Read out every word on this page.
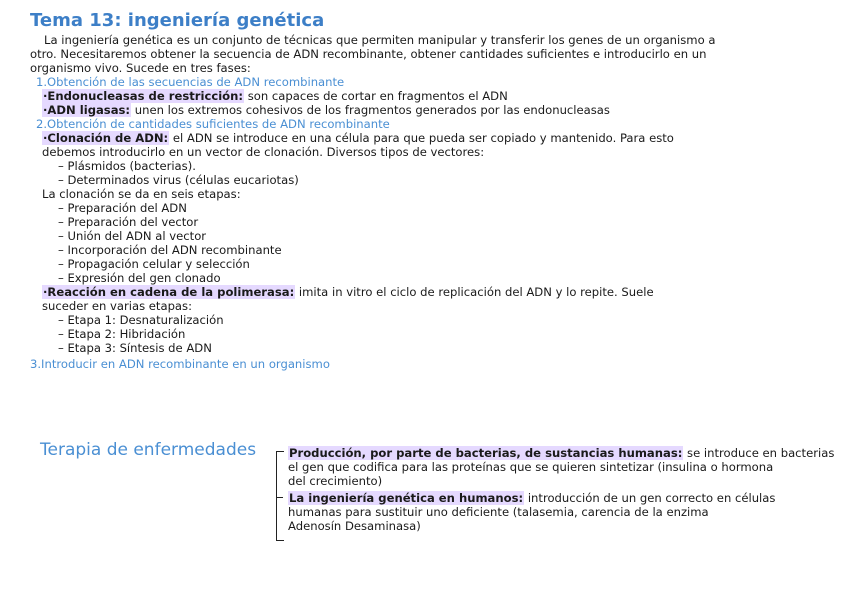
Tema 13: ingeniería genética
La ingeniería genética es un conjunto de técnicas que permiten manipular y transferir los genes de un organismo a
otro. Necesitaremos obtener la secuencia de ADN recombinante, obtener cantidades suficientes e introducirlo en un
organismo vivo. Sucede en tres fases:
1.Obtención de las secuencias de ADN recombinante
·Endonucleasas de restricción: son capaces de cortar en fragmentos el ADN
·ADN ligasas: unen los extremos cohesivos de los fragmentos generados por las endonucleasas
2.Obtención de cantidades suficientes de ADN recombinante
·Clonación de ADN: el ADN se introduce en una célula para que pueda ser copiado y mantenido. Para esto
debemos introducirlo en un vector de clonación. Diversos tipos de vectores:
– Plásmidos (bacterias).
– Determinados virus (células eucariotas)
La clonación se da en seis etapas:
– Preparación del ADN
– Preparación del vector
– Unión del ADN al vector
– Incorporación del ADN recombinante
– Propagación celular y selección
– Expresión del gen clonado
·Reacción en cadena de la polimerasa: imita in vitro el ciclo de replicación del ADN y lo repite. Suele
suceder en varias etapas:
– Etapa 1: Desnaturalización
– Etapa 2: Hibridación
– Etapa 3: Síntesis de ADN
3.Introducir en ADN recombinante en un organismo
Terapia de enfermedades	Producción, por parte de bacterias, de sustancias humanas: se introduce en bacterias
el gen que codifica para las proteínas que se quieren sintetizar (insulina o hormona
del crecimiento)
La ingeniería genética en humanos: introducción de un gen correcto en células
humanas para sustituir uno deficiente (talasemia, carencia de la enzima
Adenosín Desaminasa)
